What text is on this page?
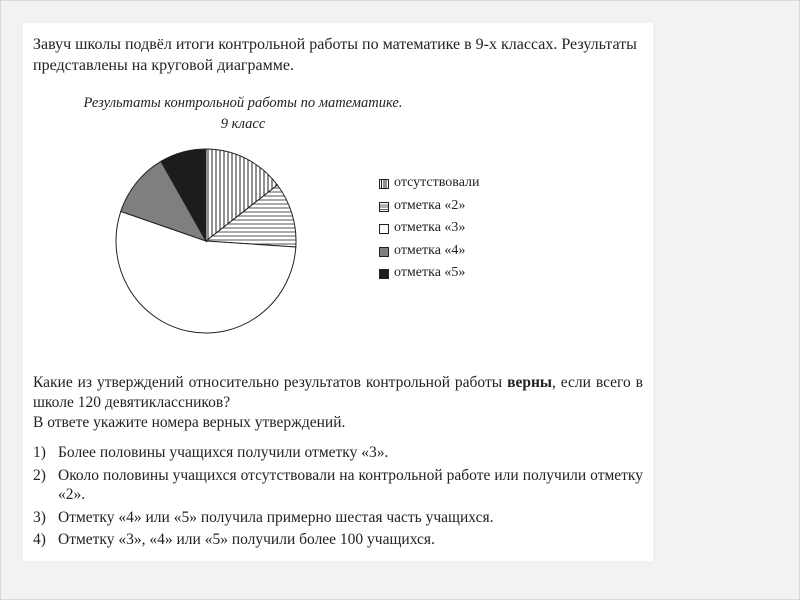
Завуч школы подвёл итоги контрольной работы по математике в 9-х классах. Результаты представлены на круговой диаграмме.
Результаты контрольной работы по математике.
9 класс
отсутствовали
отметка «2»
отметка «3»
отметка «4»
отметка «5»
Какие из утверждений относительно результатов контрольной работы верны, если всего в школе 120 девятиклассников?
В ответе укажите номера верных утверждений.
1) Более половины учащихся получили отметку «3».
2) Около половины учащихся отсутствовали на контрольной работе или получили отметку «2».
3) Отметку «4» или «5» получила примерно шестая часть учащихся.
4) Отметку «3», «4» или «5» получили более 100 учащихся.
